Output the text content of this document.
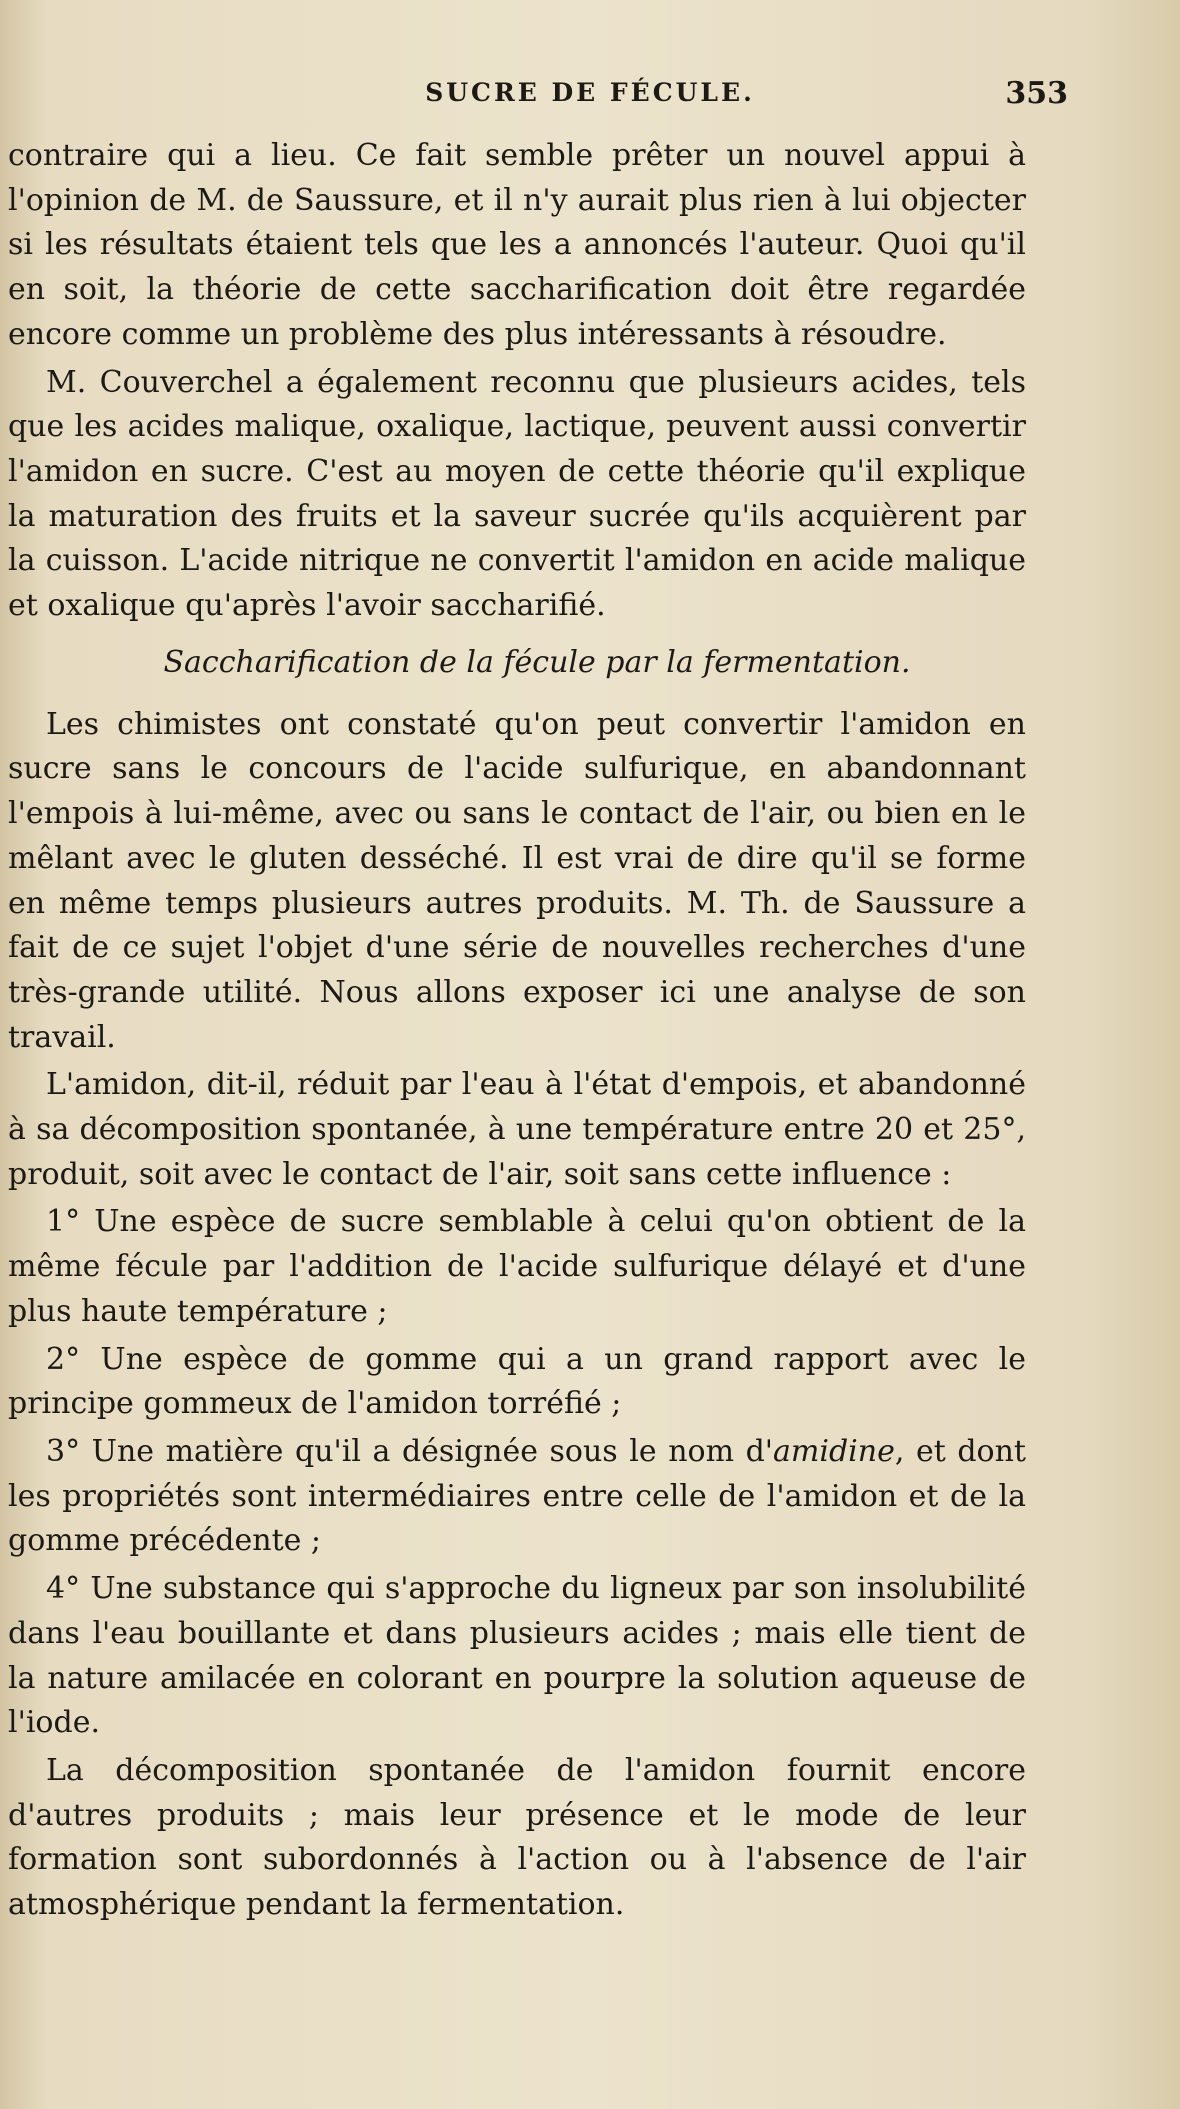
SUCRE DE FÉCULE.	353

contraire qui a lieu. Ce fait semble prêter un nouvel appui à l'opinion de M. de Saussure, et il n'y aurait plus rien à lui objecter si les résultats étaient tels que les a annoncés l'auteur. Quoi qu'il en soit, la théorie de cette saccharification doit être regardée encore comme un problème des plus intéressants à résoudre.

M. Couverchel a également reconnu que plusieurs acides, tels que les acides malique, oxalique, lactique, peuvent aussi convertir l'amidon en sucre. C'est au moyen de cette théorie qu'il explique la maturation des fruits et la saveur sucrée qu'ils acquièrent par la cuisson. L'acide nitrique ne convertit l'amidon en acide malique et oxalique qu'après l'avoir saccharifié.

Saccharification de la fécule par la fermentation.

Les chimistes ont constaté qu'on peut convertir l'amidon en sucre sans le concours de l'acide sulfurique, en abandonnant l'empois à lui-même, avec ou sans le contact de l'air, ou bien en le mêlant avec le gluten desséché. Il est vrai de dire qu'il se forme en même temps plusieurs autres produits. M. Th. de Saussure a fait de ce sujet l'objet d'une série de nouvelles recherches d'une très-grande utilité. Nous allons exposer ici une analyse de son travail.

L'amidon, dit-il, réduit par l'eau à l'état d'empois, et abandonné à sa décomposition spontanée, à une température entre 20 et 25°, produit, soit avec le contact de l'air, soit sans cette influence :

1° Une espèce de sucre semblable à celui qu'on obtient de la même fécule par l'addition de l'acide sulfurique délayé et d'une plus haute température ;

2° Une espèce de gomme qui a un grand rapport avec le principe gommeux de l'amidon torréfié ;

3° Une matière qu'il a désignée sous le nom d'amidine, et dont les propriétés sont intermédiaires entre celle de l'amidon et de la gomme précédente ;

4° Une substance qui s'approche du ligneux par son insolubilité dans l'eau bouillante et dans plusieurs acides ; mais elle tient de la nature amilacée en colorant en pourpre la solution aqueuse de l'iode.

La décomposition spontanée de l'amidon fournit encore d'autres produits ; mais leur présence et le mode de leur formation sont subordonnés à l'action ou à l'absence de l'air atmosphérique pendant la fermentation.
